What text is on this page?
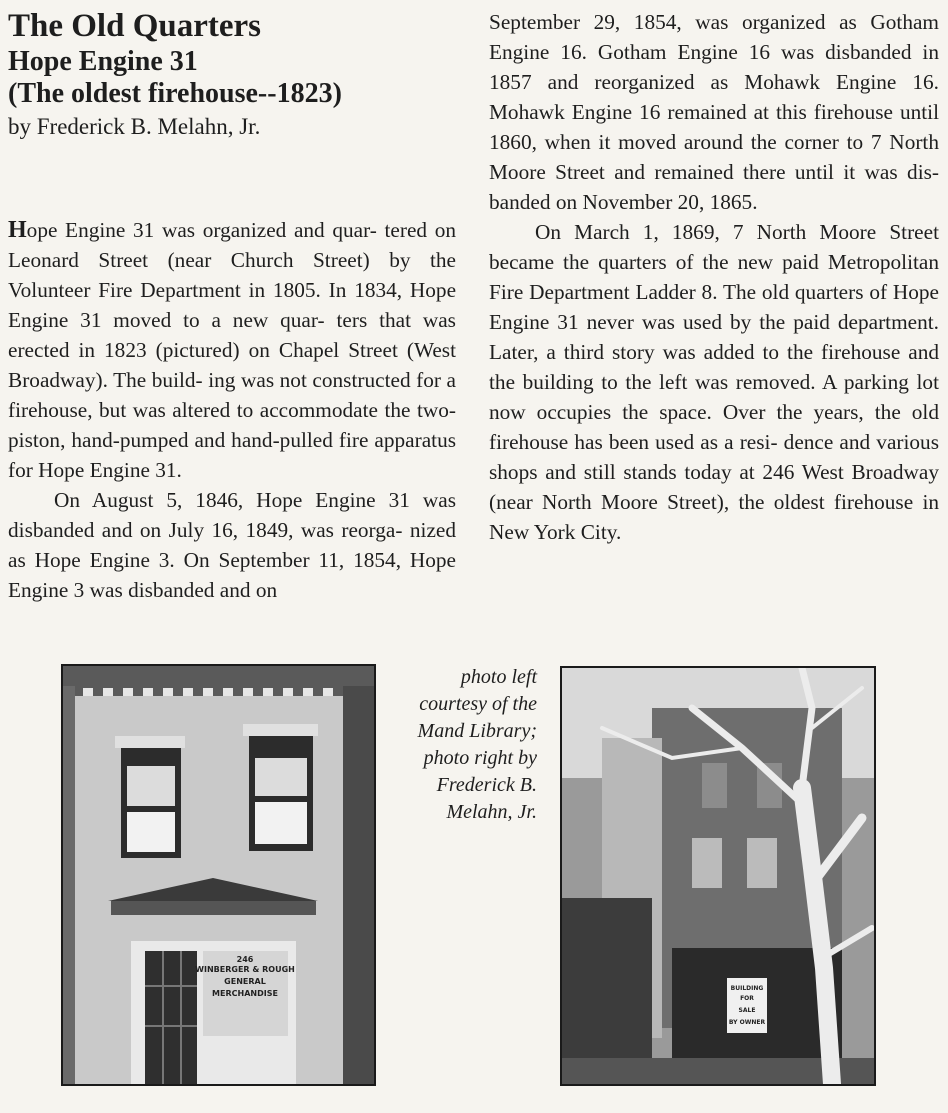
The Old Quarters
Hope Engine 31
(The oldest firehouse--1823)

by Frederick B. Melahn, Jr.

Hope Engine 31 was organized and quar- tered on Leonard Street (near Church Street) by the Volunteer Fire Department in 1805. In 1834, Hope Engine 31 moved to a new quar- ters that was erected in 1823 (pictured) on Chapel Street (West Broadway). The build- ing was not constructed for a firehouse, but was altered to accommodate the two-piston, hand-pumped and hand-pulled fire apparatus for Hope Engine 31.

On August 5, 1846, Hope Engine 31 was disbanded and on July 16, 1849, was reorga- nized as Hope Engine 3. On September 11, 1854, Hope Engine 3 was disbanded and on

September 29, 1854, was organized as Gotham Engine 16. Gotham Engine 16 was disbanded in 1857 and reorganized as Mohawk Engine 16. Mohawk Engine 16 remained at this firehouse until 1860, when it moved around the corner to 7 North Moore Street and remained there until it was dis- banded on November 20, 1865.

On March 1, 1869, 7 North Moore Street became the quarters of the new paid Metropolitan Fire Department Ladder 8. The old quarters of Hope Engine 31 never was used by the paid department. Later, a third story was added to the firehouse and the building to the left was removed. A parking lot now occupies the space. Over the years, the old firehouse has been used as a resi- dence and various shops and still stands today at 246 West Broadway (near North Moore Street), the oldest firehouse in New York City.

246
WINBERGER & ROUGH
GENERAL
MERCHANDISE
photo left
courtesy of the
Mand Library;
photo right by
Frederick B.
Melahn, Jr.
BUILDING
FOR
SALE
BY OWNER
